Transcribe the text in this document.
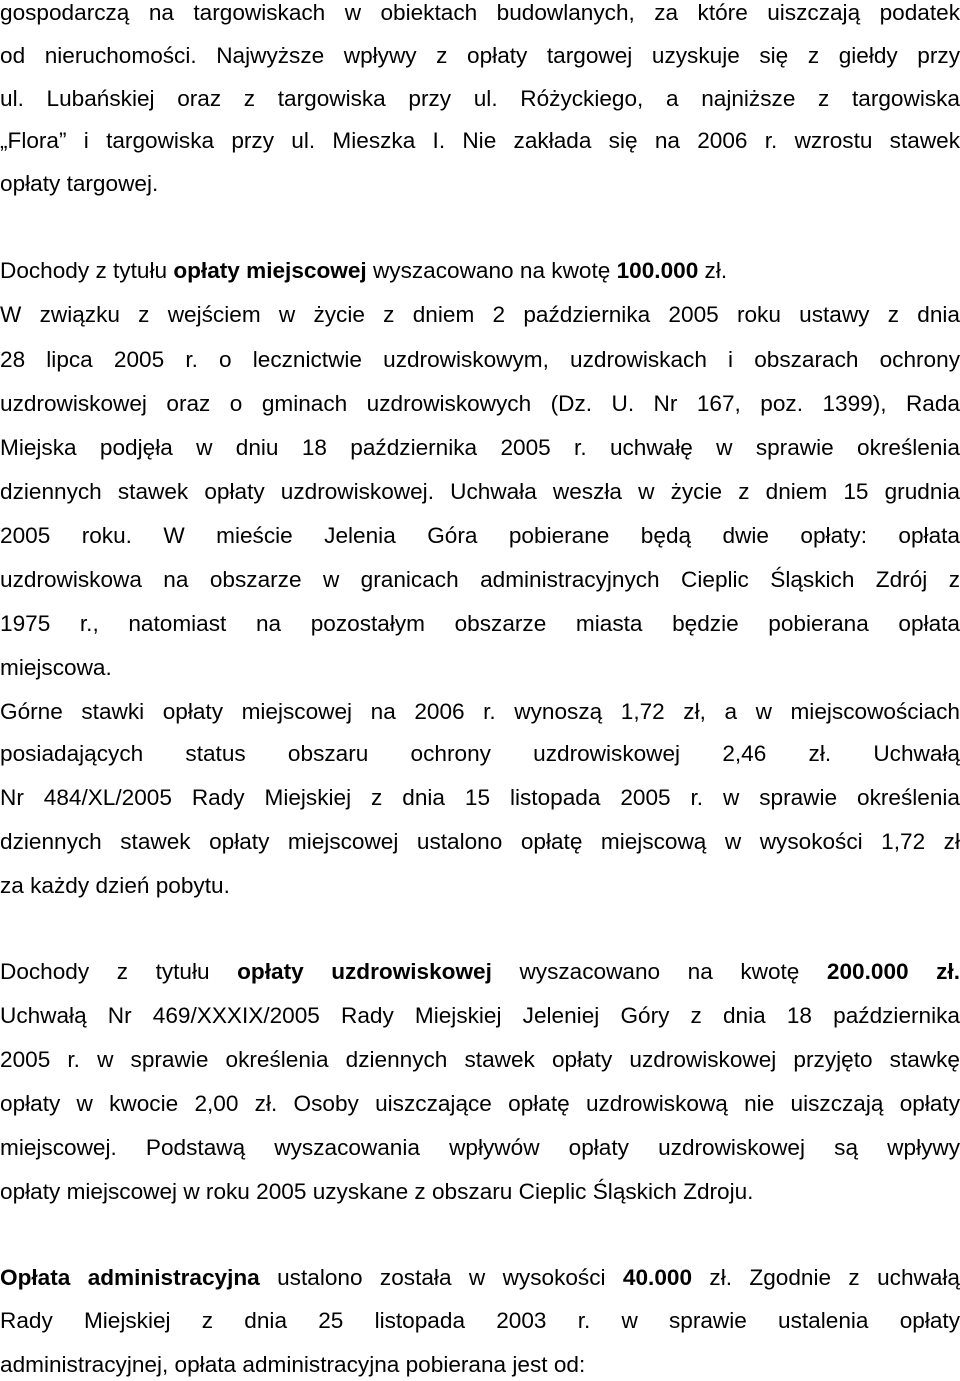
gospodarczą na targowiskach w obiektach budowlanych, za które uiszczają podatek
od nieruchomości. Najwyższe wpływy z opłaty targowej uzyskuje się z giełdy przy
ul. Lubańskiej oraz z targowiska przy ul. Różyckiego, a najniższe z targowiska
„Flora” i targowiska przy ul. Mieszka I. Nie zakłada się na 2006 r. wzrostu stawek
opłaty targowej.
Dochody z tytułu opłaty miejscowej wyszacowano na kwotę 100.000 zł.
W związku z wejściem w życie z dniem 2 października 2005 roku ustawy z dnia
28 lipca 2005 r. o lecznictwie uzdrowiskowym, uzdrowiskach i obszarach ochrony
uzdrowiskowej oraz o gminach uzdrowiskowych (Dz. U. Nr 167, poz. 1399), Rada
Miejska podjęła w dniu 18 października 2005 r. uchwałę w sprawie określenia
dziennych stawek opłaty uzdrowiskowej. Uchwała weszła w życie z dniem 15 grudnia
2005 roku. W mieście Jelenia Góra pobierane będą dwie opłaty: opłata
uzdrowiskowa na obszarze w granicach administracyjnych Cieplic Śląskich Zdrój z
1975 r., natomiast na pozostałym obszarze miasta będzie pobierana opłata
miejscowa.
Górne stawki opłaty miejscowej na 2006 r. wynoszą 1,72 zł, a w miejscowościach
posiadających status obszaru ochrony uzdrowiskowej 2,46 zł. Uchwałą
Nr 484/XL/2005 Rady Miejskiej z dnia 15 listopada 2005 r. w sprawie określenia
dziennych stawek opłaty miejscowej ustalono opłatę miejscową w wysokości 1,72 zł
za każdy dzień pobytu.
Dochody z tytułu opłaty uzdrowiskowej wyszacowano na kwotę 200.000 zł.
Uchwałą Nr 469/XXXIX/2005 Rady Miejskiej Jeleniej Góry z dnia 18 października
2005 r. w sprawie określenia dziennych stawek opłaty uzdrowiskowej przyjęto stawkę
opłaty w kwocie 2,00 zł. Osoby uiszczające opłatę uzdrowiskową nie uiszczają opłaty
miejscowej. Podstawą wyszacowania wpływów opłaty uzdrowiskowej są wpływy
opłaty miejscowej w roku 2005 uzyskane z obszaru Cieplic Śląskich Zdroju.
Opłata administracyjna ustalono została w wysokości 40.000 zł. Zgodnie z uchwałą
Rady Miejskiej z dnia 25 listopada 2003 r. w sprawie ustalenia opłaty
administracyjnej, opłata administracyjna pobierana jest od:
